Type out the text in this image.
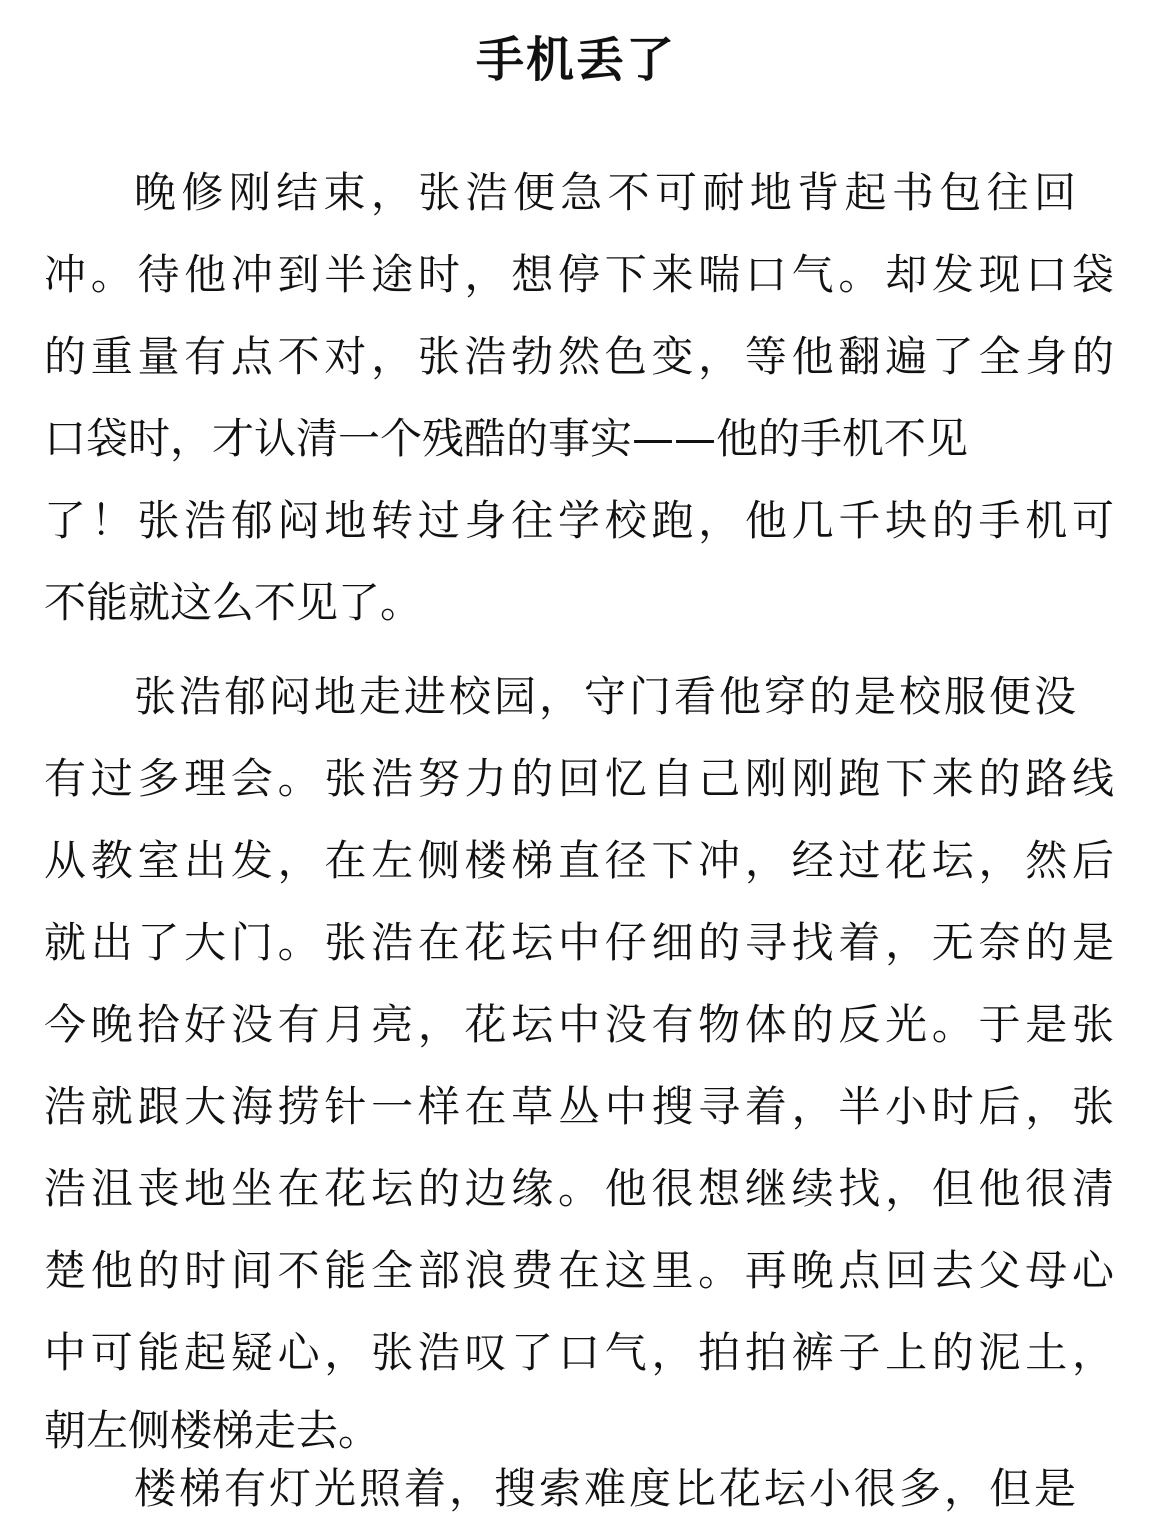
手机丢了
晚修刚结束，张浩便急不可耐地背起书包往回
冲。待他冲到半途时，想停下来喘口气。却发现口袋
的重量有点不对，张浩勃然色变，等他翻遍了全身的
口袋时，才认清一个残酷的事实——他的手机不见
了！张浩郁闷地转过身往学校跑，他几千块的手机可
不能就这么不见了。
张浩郁闷地走进校园，守门看他穿的是校服便没
有过多理会。张浩努力的回忆自己刚刚跑下来的路线
从教室出发，在左侧楼梯直径下冲，经过花坛，然后
就出了大门。张浩在花坛中仔细的寻找着，无奈的是
今晚拾好没有月亮，花坛中没有物体的反光。于是张
浩就跟大海捞针一样在草丛中搜寻着，半小时后，张
浩沮丧地坐在花坛的边缘。他很想继续找，但他很清
楚他的时间不能全部浪费在这里。再晚点回去父母心
中可能起疑心，张浩叹了口气，拍拍裤子上的泥土，
朝左侧楼梯走去。
楼梯有灯光照着，搜索难度比花坛小很多，但是
